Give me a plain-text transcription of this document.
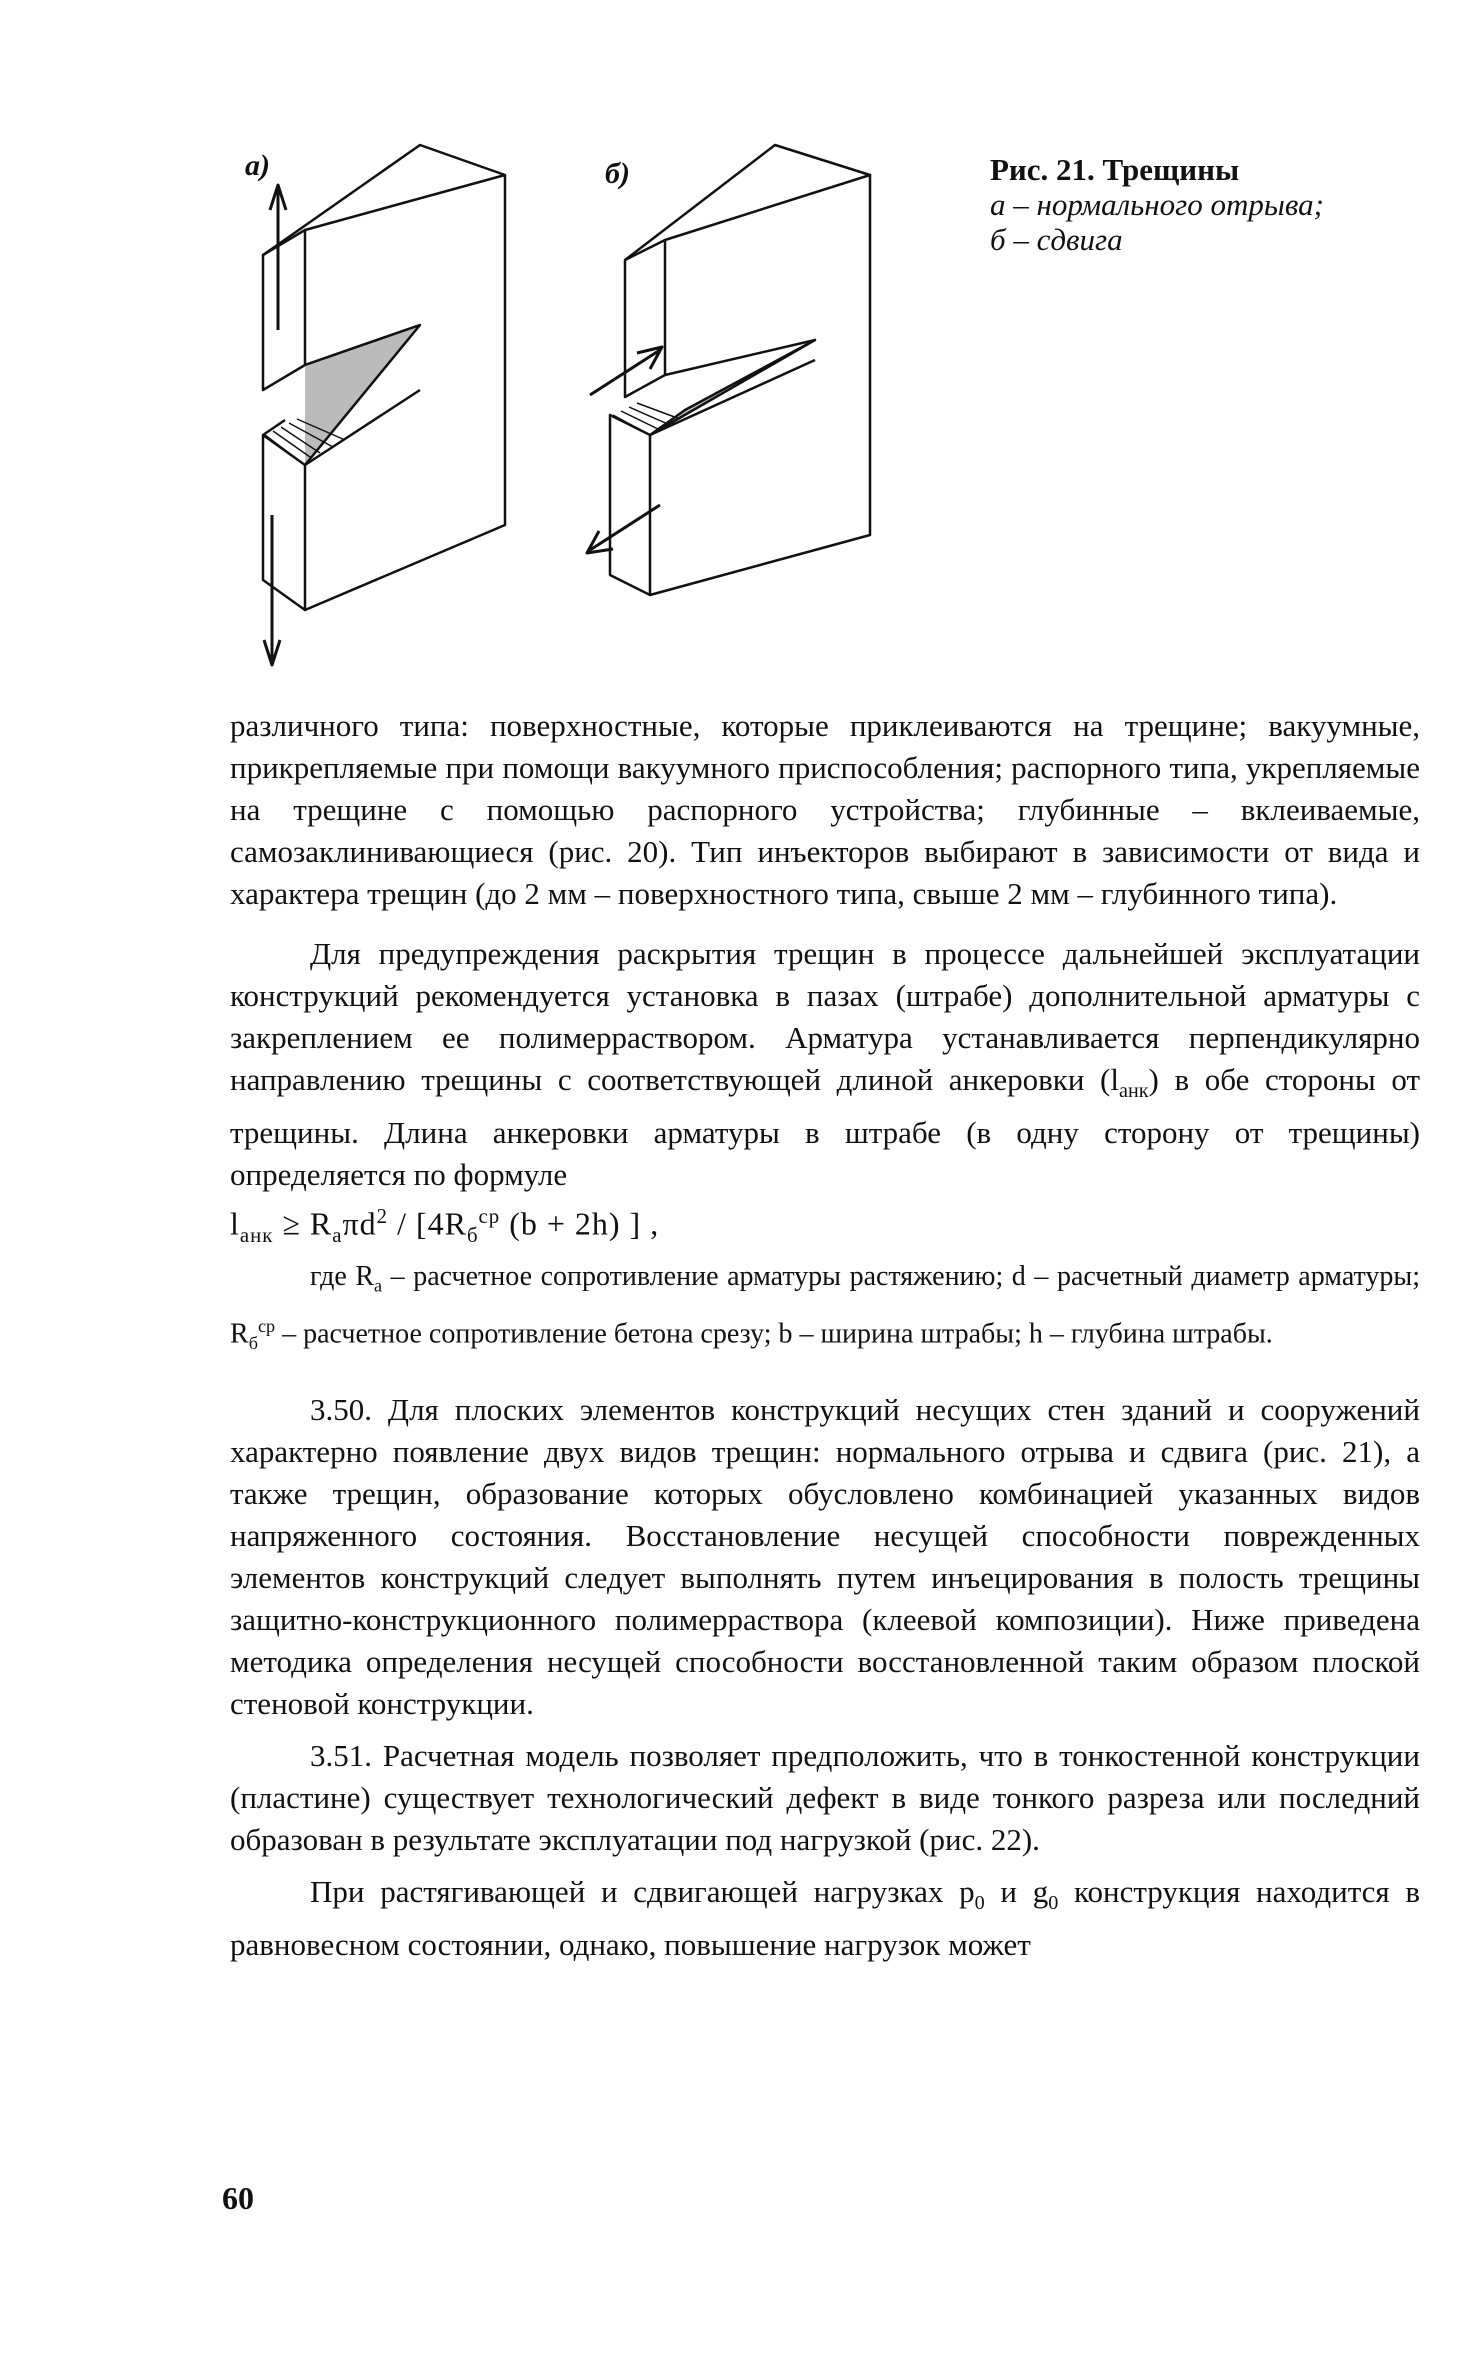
а)	б)	Рис. 21. Трещины
а – нормального отрыва;
б – сдвига

различного типа: поверхностные, которые приклеиваются на трещине; вакуумные, прикрепляемые при помощи вакуумного приспособления; распорного типа, укрепляемые на трещине с помощью распорного устройства; глубинные – вклеиваемые, самозаклинивающиеся (рис. 20). Тип инъекторов выбирают в зависимости от вида и характера трещин (до 2 мм – поверхностного типа, свыше 2 мм – глубинного типа).

Для предупреждения раскрытия трещин в процессе дальнейшей эксплуатации конструкций рекомендуется установка в пазах (штрабе) дополнительной арматуры с закреплением ее полимерраствором. Арматура устанавливается перпендикулярно направлению трещины с соответствующей длиной анкеровки $(l_{анк})$ в обе стороны от трещины. Длина анкеровки арматуры в штрабе (в одну сторону от трещины) определяется по формуле

$l_{анк} \ge R_a\pi d^2 / [4R_б^{ср}$ (b + 2h) ] ,

где $R_a$ – расчетное сопротивление арматуры растяжению; d – расчетный диаметр арматуры; $R_б^{ср}$ – расчетное сопротивление бетона срезу; b – ширина штрабы; h – глубина штрабы.

3.50. Для плоских элементов конструкций несущих стен зданий и сооружений характерно появление двух видов трещин: нормального отрыва и сдвига (рис. 21), а также трещин, образование которых обусловлено комбинацией указанных видов напряженного состояния. Восстановление несущей способности поврежденных элементов конструкций следует выполнять путем инъецирования в полость трещины защитно-конструкционного полимерраствора (клеевой композиции). Ниже приведена методика определения несущей способности восстановленной таким образом плоской стеновой конструкции.

3.51. Расчетная модель позволяет предположить, что в тонкостенной конструкции (пластине) существует технологический дефект в виде тонкого разреза или последний образован в результате эксплуатации под нагрузкой (рис. 22).

При растягивающей и сдвигающей нагрузках $p_0$ и $g_0$ конструкция находится в равновесном состоянии, однако, повышение нагрузок может

60
